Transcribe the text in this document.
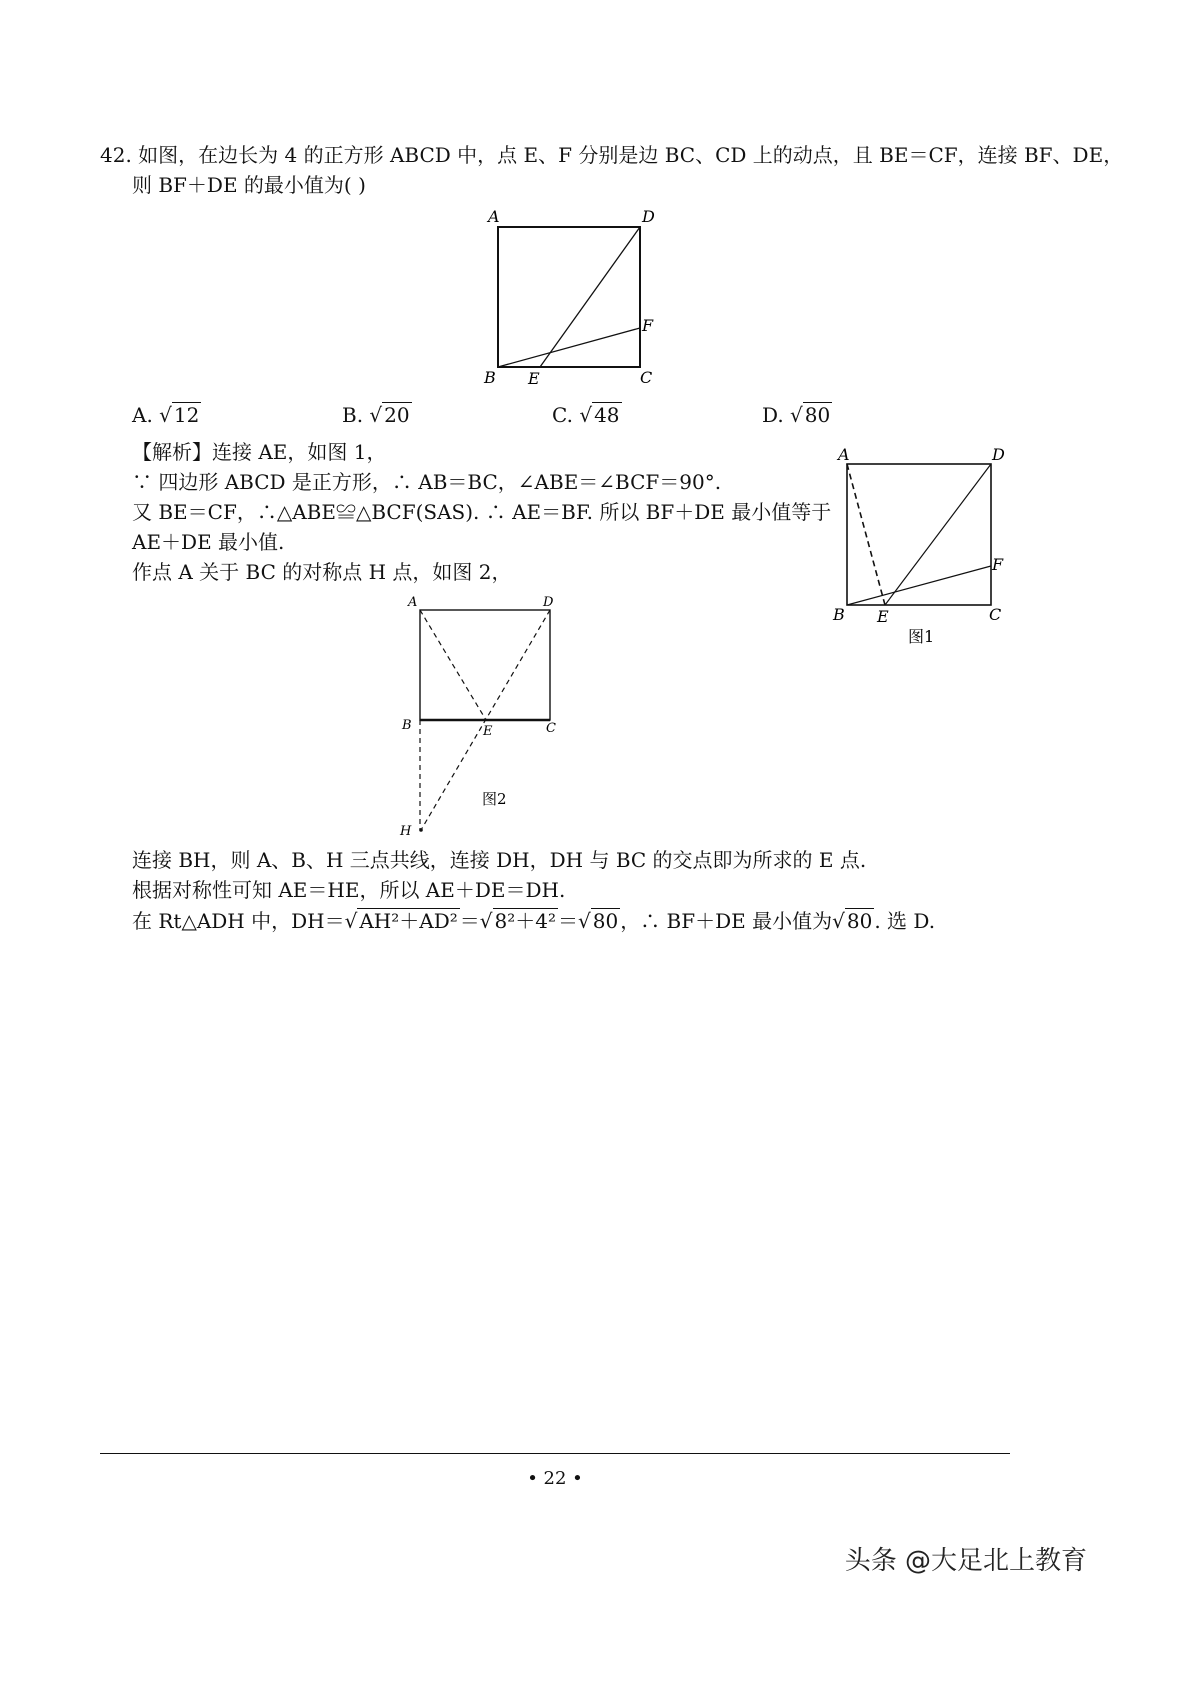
42. 如图，在边长为 4 的正方形 ABCD 中，点 E、F 分别是边 BC、CD 上的动点，且 BE＝CF，连接 BF、DE，
则 BF＋DE 的最小值为( )
A	D
F
B E	C
A. √ 12	B. √ 20	C. √ 48	D. √ 80
【解析】连接 AE，如图 1，
∵ 四边形 ABCD 是正方形，∴ AB＝BC，∠ABE＝∠BCF＝90°.
又 BE＝CF，∴△ABE≌△BCF(SAS). ∴ AE＝BF. 所以 BF＋DE 最小值等于
AE＋DE 最小值.
作点 A 关于 BC 的对称点 H 点，如图 2，
A	D
F
B E	C
图1
A	D
B	E	C
H
图2
连接 BH，则 A、B、H 三点共线，连接 DH，DH 与 BC 的交点即为所求的 E 点.
根据对称性可知 AE＝HE，所以 AE＋DE＝DH.
在 Rt△ADH 中，DH＝√ AH²＋AD² ＝√ 8²＋4² ＝√ 80 ，∴ BF＋DE 最小值为√ 80 . 选 D.
• 22 •
头条 @大足北上教育
